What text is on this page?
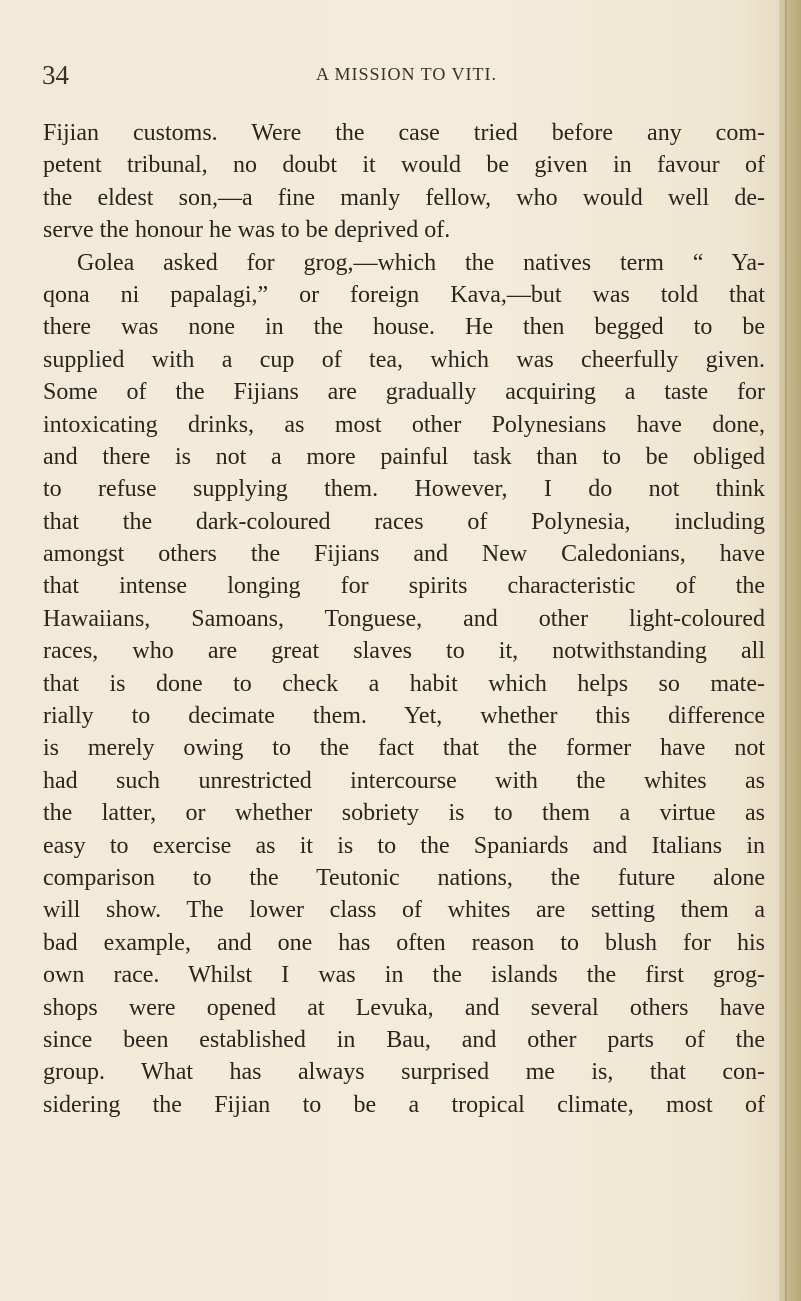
34	A MISSION TO VITI.
Fijian customs. Were the case tried before any com-
petent tribunal, no doubt it would be given in favour of
the eldest son,—a fine manly fellow, who would well de-
serve the honour he was to be deprived of.
Golea asked for grog,—which the natives term “ Ya-
qona ni papalagi,” or foreign Kava,—but was told that
there was none in the house. He then begged to be
supplied with a cup of tea, which was cheerfully given.
Some of the Fijians are gradually acquiring a taste for
intoxicating drinks, as most other Polynesians have done,
and there is not a more painful task than to be obliged
to refuse supplying them. However, I do not think
that the dark-coloured races of Polynesia, including
amongst others the Fijians and New Caledonians, have
that intense longing for spirits characteristic of the
Hawaiians, Samoans, Tonguese, and other light-coloured
races, who are great slaves to it, notwithstanding all
that is done to check a habit which helps so mate-
rially to decimate them. Yet, whether this difference
is merely owing to the fact that the former have not
had such unrestricted intercourse with the whites as
the latter, or whether sobriety is to them a virtue as
easy to exercise as it is to the Spaniards and Italians in
comparison to the Teutonic nations, the future alone
will show. The lower class of whites are setting them a
bad example, and one has often reason to blush for his
own race. Whilst I was in the islands the first grog-
shops were opened at Levuka, and several others have
since been established in Bau, and other parts of the
group. What has always surprised me is, that con-
sidering the Fijian to be a tropical climate, most of
